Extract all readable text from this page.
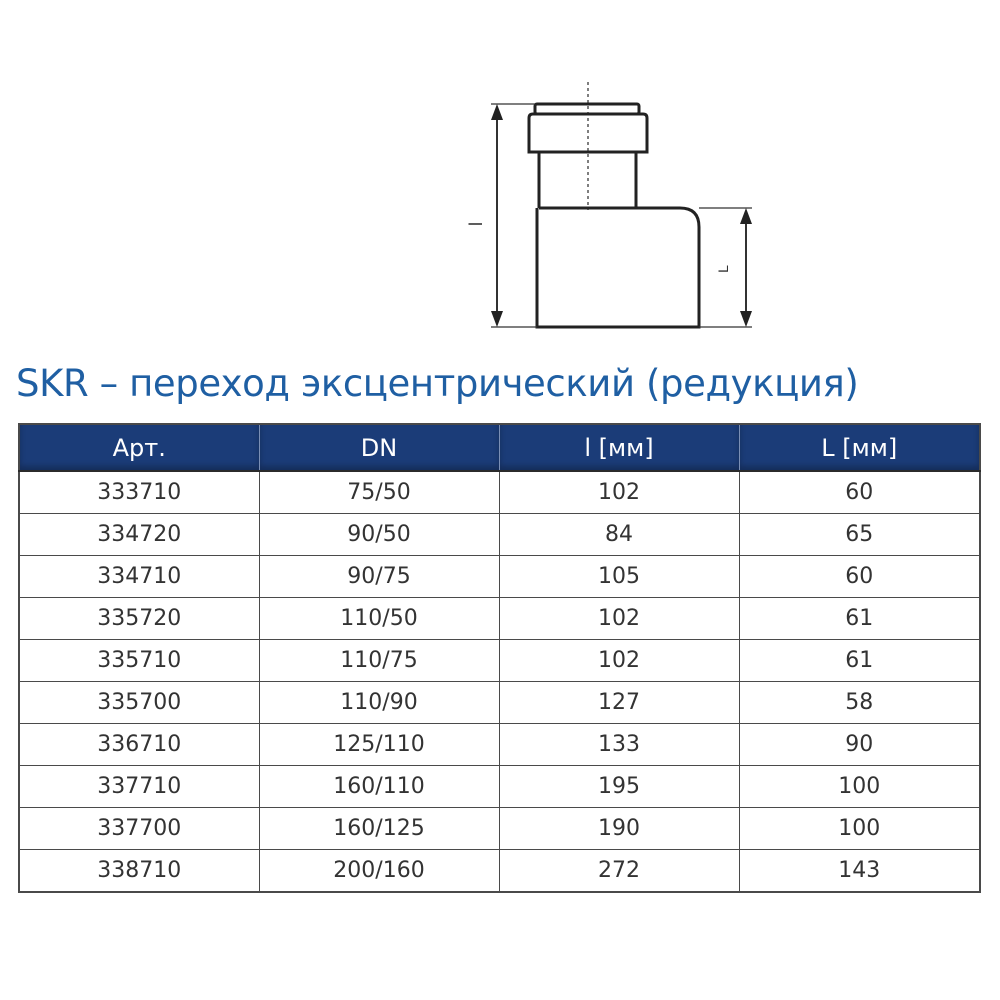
l
L
SKR – переход эксцентрический (редукция)
Арт.	DN	l [мм]	L [мм]
333710	75/50	102	60
334720	90/50	84	65
334710	90/75	105	60
335720	110/50	102	61
335710	110/75	102	61
335700	110/90	127	58
336710	125/110	133	90
337710	160/110	195	100
337700	160/125	190	100
338710	200/160	272	143
